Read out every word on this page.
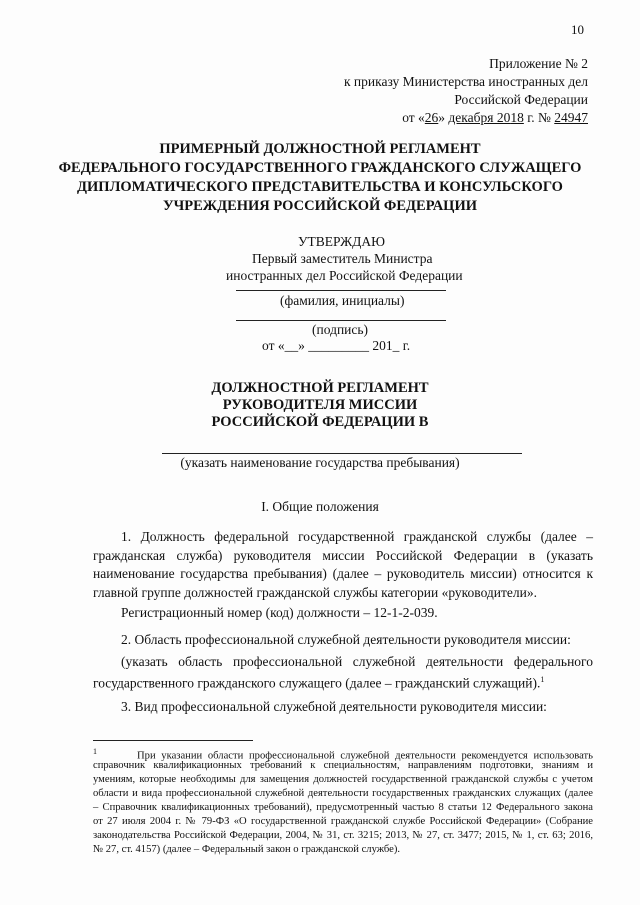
10
Приложение № 2
к приказу Министерства иностранных дел
Российской Федерации
от «26» декабря 2018 г. № 24947
ПРИМЕРНЫЙ ДОЛЖНОСТНОЙ РЕГЛАМЕНТ
ФЕДЕРАЛЬНОГО ГОСУДАРСТВЕННОГО ГРАЖДАНСКОГО СЛУЖАЩЕГО
ДИПЛОМАТИЧЕСКОГО ПРЕДСТАВИТЕЛЬСТВА И КОНСУЛЬСКОГО
УЧРЕЖДЕНИЯ РОССИЙСКОЙ ФЕДЕРАЦИИ
УТВЕРЖДАЮ
Первый заместитель Министра
иностранных дел Российской Федерации
(фамилия, инициалы)
(подпись)
от «__» _________ 201_ г.
ДОЛЖНОСТНОЙ РЕГЛАМЕНТ
РУКОВОДИТЕЛЯ МИССИИ
РОССИЙСКОЙ ФЕДЕРАЦИИ В
(указать наименование государства пребывания)
I. Общие положения
1. Должность федеральной государственной гражданской службы (далее –
гражданская служба) руководителя миссии Российской Федерации в (указать
наименование государства пребывания) (далее – руководитель миссии) относится к
главной группе должностей гражданской службы категории «руководители».
Регистрационный номер (код) должности – 12-1-2-039.
2. Область профессиональной служебной деятельности руководителя миссии:
(указать область профессиональной служебной деятельности федерального
государственного гражданского служащего (далее – гражданский служащий).$^1$
3. Вид профессиональной служебной деятельности руководителя миссии:
$^1$	При указании области профессиональной служебной деятельности рекомендуется использовать
справочник квалификационных требований к специальностям, направлениям подготовки, знаниям и
умениям, которые необходимы для замещения должностей государственной гражданской службы с учетом
области и вида профессиональной служебной деятельности государственных гражданских служащих (далее
– Справочник квалификационных требований), предусмотренный частью 8 статьи 12 Федерального закона
от 27 июля 2004 г. № 79-ФЗ «О государственной гражданской службе Российской Федерации» (Собрание
законодательства Российской Федерации, 2004, № 31, ст. 3215; 2013, № 27, ст. 3477; 2015, № 1, ст. 63; 2016,
№ 27, ст. 4157) (далее – Федеральный закон о гражданской службе).
